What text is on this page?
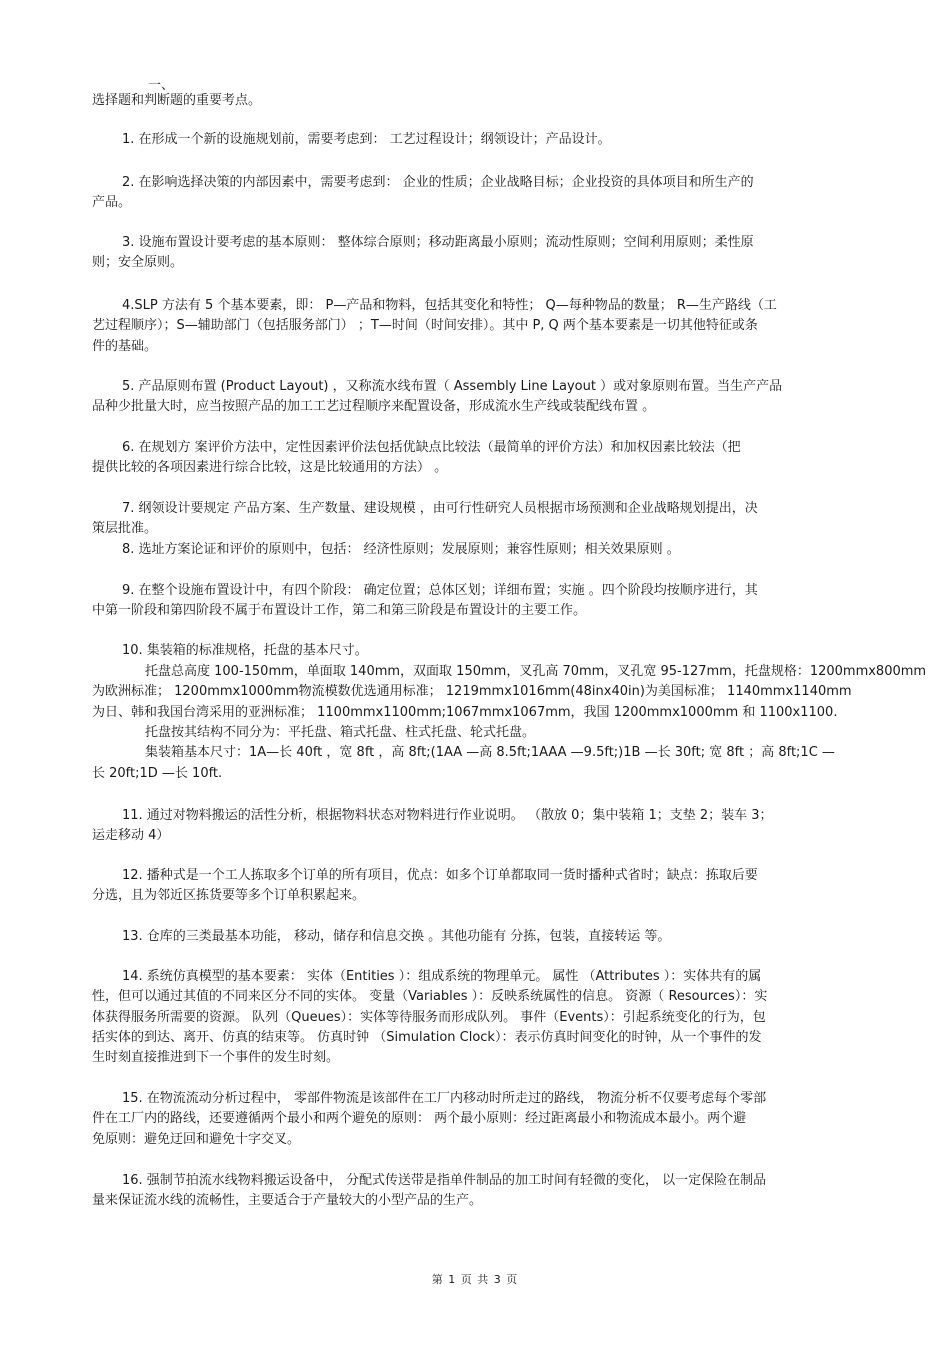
一、
选择题和判断题的重要考点。
1. 在形成一个新的设施规划前，需要考虑到： 工艺过程设计；纲领设计；产品设计。
2. 在影响选择决策的内部因素中，需要考虑到： 企业的性质；企业战略目标；企业投资的具体项目和所生产的
产品。
3. 设施布置设计要考虑的基本原则： 整体综合原则；移动距离最小原则；流动性原则；空间利用原则；柔性原
则；安全原则。
4.SLP 方法有 5 个基本要素，即： P—产品和物料，包括其变化和特性； Q—每种物品的数量； R—生产路线（工
艺过程顺序）；S—辅助部门（包括服务部门） ；T—时间（时间安排）。其中 P, Q 两个基本要素是一切其他特征或条
件的基础。
5. 产品原则布置 (Product Layout) ，又称流水线布置（ Assembly Line Layout ）或对象原则布置。当生产产品
品种少批量大时，应当按照产品的加工工艺过程顺序来配置设备，形成流水生产线或装配线布置 。
6. 在规划方 案评价方法中，定性因素评价法包括优缺点比较法（最简单的评价方法）和加权因素比较法（把
提供比较的各项因素进行综合比较，这是比较通用的方法） 。
7. 纲领设计要规定 产品方案、生产数量、建设规模 ，由可行性研究人员根据市场预测和企业战略规划提出，决
策层批准。
8. 选址方案论证和评价的原则中，包括： 经济性原则；发展原则；兼容性原则；相关效果原则 。
9. 在整个设施布置设计中，有四个阶段： 确定位置；总体区划；详细布置；实施 。四个阶段均按顺序进行，其
中第一阶段和第四阶段不属于布置设计工作，第二和第三阶段是布置设计的主要工作。
10. 集装箱的标准规格，托盘的基本尺寸。
托盘总高度 100-150mm，单面取 140mm，双面取 150mm，叉孔高 70mm，叉孔宽 95-127mm，托盘规格：1200mmx800mm
为欧洲标准； 1200mmx1000mm物流模数优选通用标准； 1219mmx1016mm(48inx40in)为美国标准； 1140mmx1140mm
为日、韩和我国台湾采用的亚洲标准； 1100mmx1100mm;1067mmx1067mm，我国 1200mmx1000mm 和 1100x1100.
托盘按其结构不同分为：平托盘、箱式托盘、柱式托盘、轮式托盘。
集装箱基本尺寸：1A—长 40ft ，宽 8ft ，高 8ft;(1AA —高 8.5ft;1AAA —9.5ft;)1B —长 30ft; 宽 8ft ；高 8ft;1C —
长 20ft;1D —长 10ft.
11. 通过对物料搬运的活性分析，根据物料状态对物料进行作业说明。 （散放 0；集中装箱 1；支垫 2；装车 3；
运走移动 4）
12. 播种式是一个工人拣取多个订单的所有项目，优点：如多个订单都取同一货时播种式省时；缺点：拣取后要
分选，且为邻近区拣货要等多个订单积累起来。
13. 仓库的三类最基本功能， 移动，储存和信息交换 。其他功能有 分拣，包装，直接转运 等。
14. 系统仿真模型的基本要素： 实体（Entities ）：组成系统的物理单元。 属性 （Attributes ）：实体共有的属
性，但可以通过其值的不同来区分不同的实体。 变量（Variables ）：反映系统属性的信息。 资源（ Resources）：实
体获得服务所需要的资源。 队列（Queues）：实体等待服务而形成队列。 事件（Events）：引起系统变化的行为，包
括实体的到达、离开、仿真的结束等。 仿真时钟 （Simulation Clock）：表示仿真时间变化的时钟，从一个事件的发
生时刻直接推进到下一个事件的发生时刻。
15. 在物流流动分析过程中， 零部件物流是该部件在工厂内移动时所走过的路线， 物流分析不仅要考虑每个零部
件在工厂内的路线，还要遵循两个最小和两个避免的原则： 两个最小原则：经过距离最小和物流成本最小。两个避
免原则：避免迂回和避免十字交叉。
16. 强制节拍流水线物料搬运设备中， 分配式传送带是指单件制品的加工时间有轻微的变化， 以一定保险在制品
量来保证流水线的流畅性，主要适合于产量较大的小型产品的生产。
第 1 页 共 3 页
